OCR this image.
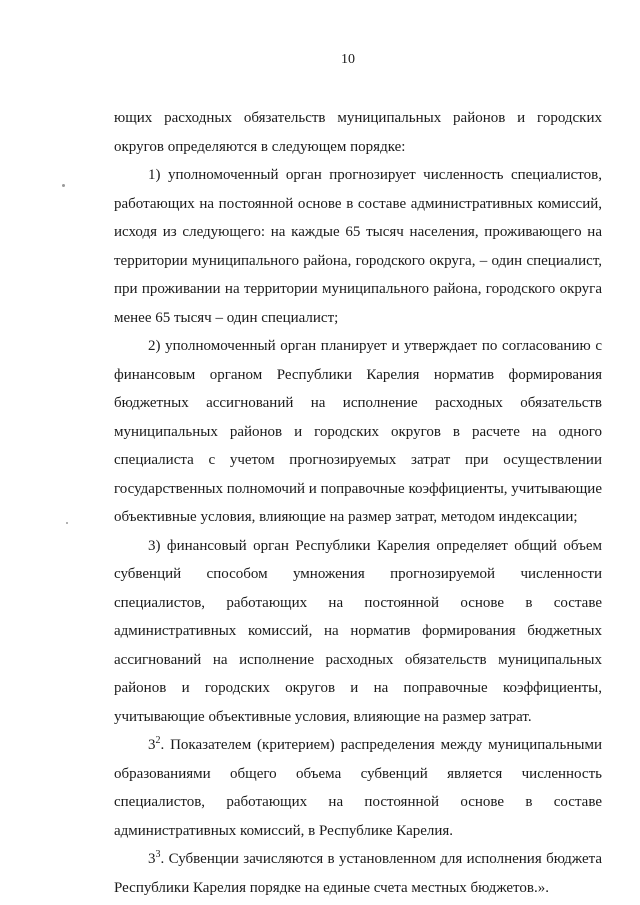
10

ющих расходных обязательств муниципальных районов и городских округов определяются в следующем порядке:

1) уполномоченный орган прогнозирует численность специалистов, работающих на постоянной основе в составе административных комиссий, исходя из следующего: на каждые 65 тысяч населения, проживающего на территории муниципального района, городского округа, – один специалист, при проживании на территории муниципального района, городского округа менее 65 тысяч – один специалист;

2) уполномоченный орган планирует и утверждает по согласованию с финансовым органом Республики Карелия норматив формирования бюджетных ассигнований на исполнение расходных обязательств муниципальных районов и городских округов в расчете на одного специалиста с учетом прогнозируемых затрат при осуществлении государственных полномочий и поправочные коэффициенты, учитывающие объективные условия, влияющие на размер затрат, методом индексации;

3) финансовый орган Республики Карелия определяет общий объем субвенций способом умножения прогнозируемой численности специалистов, работающих на постоянной основе в составе административных комиссий, на норматив формирования бюджетных ассигнований на исполнение расходных обязательств муниципальных районов и городских округов и на поправочные коэффициенты, учитывающие объективные условия, влияющие на размер затрат.

$3^2$. Показателем (критерием) распределения между муниципальными образованиями общего объема субвенций является численность специалистов, работающих на постоянной основе в составе административных комиссий, в Республике Карелия.

$3^3$. Субвенции зачисляются в установленном для исполнения бюджета Республики Карелия порядке на единые счета местных бюджетов.».
